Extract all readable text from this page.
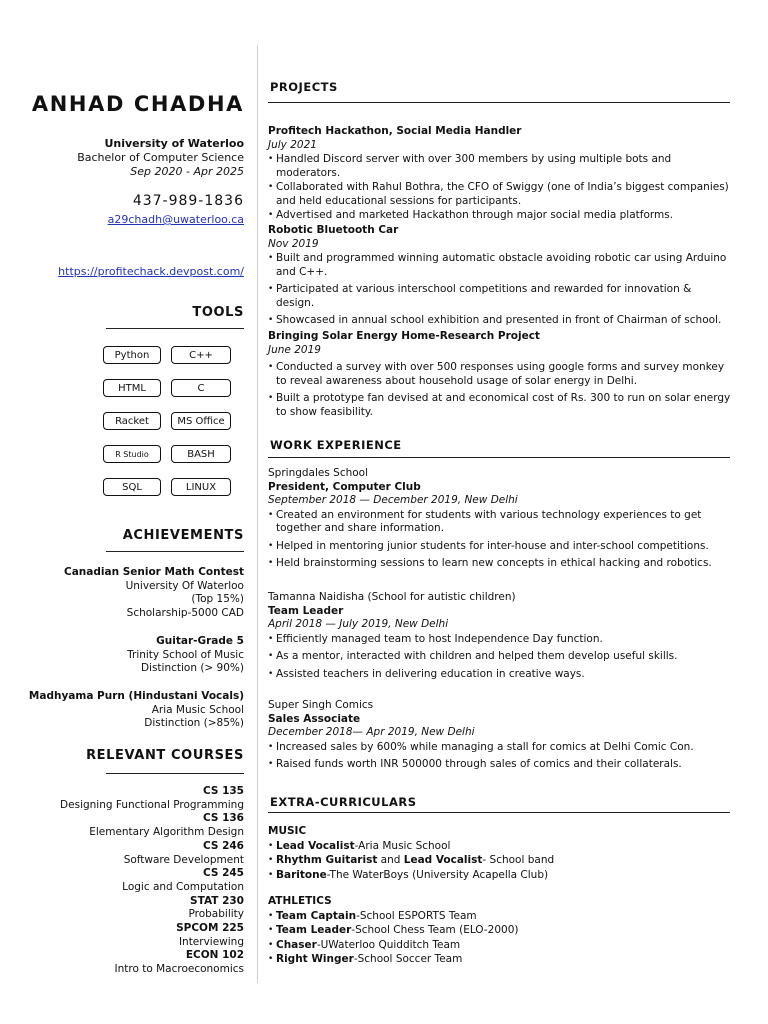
ANHAD CHADHA
University of Waterloo
Bachelor of Computer Science
Sep 2020 - Apr 2025
437-989-1836
a29chadh@uwaterloo.ca
https://profitechack.devpost.com/
TOOLS
Python	C++
HTML	C
Racket	MS Office
R Studio	BASH
SQL	LINUX
ACHIEVEMENTS
Canadian Senior Math Contest
University Of Waterloo
(Top 15%)
Scholarship-5000 CAD
Guitar-Grade 5
Trinity School of Music
Distinction (> 90%)
Madhyama Purn (Hindustani Vocals)
Aria Music School
Distinction (>85%)
RELEVANT COURSES
CS 135
Designing Functional Programming
CS 136
Elementary Algorithm Design
CS 246
Software Development
CS 245
Logic and Computation
STAT 230
Probability
SPCOM 225
Interviewing
ECON 102
Intro to Macroeconomics
PROJECTS
Profitech Hackathon, Social Media Handler
July 2021
• Handled Discord server with over 300 members by using multiple bots and moderators.
• Collaborated with Rahul Bothra, the CFO of Swiggy (one of India’s biggest companies) and held educational sessions for participants.
• Advertised and marketed Hackathon through major social media platforms.
Robotic Bluetooth Car
Nov 2019
• Built and programmed winning automatic obstacle avoiding robotic car using Arduino and C++.
• Participated at various interschool competitions and rewarded for innovation & design.
• Showcased in annual school exhibition and presented in front of Chairman of school.
Bringing Solar Energy Home-Research Project
June 2019
• Conducted a survey with over 500 responses using google forms and survey monkey to reveal awareness about household usage of solar energy in Delhi.
• Built a prototype fan devised at and economical cost of Rs. 300 to run on solar energy to show feasibility.
WORK EXPERIENCE
Springdales School
President, Computer Club
September 2018 — December 2019, New Delhi
• Created an environment for students with various technology experiences to get together and share information.
• Helped in mentoring junior students for inter-house and inter-school competitions.
• Held brainstorming sessions to learn new concepts in ethical hacking and robotics.
Tamanna Naidisha (School for autistic children)
Team Leader
April 2018 — July 2019, New Delhi
• Efficiently managed team to host Independence Day function.
• As a mentor, interacted with children and helped them develop useful skills.
• Assisted teachers in delivering education in creative ways.
Super Singh Comics
Sales Associate
December 2018— Apr 2019, New Delhi
• Increased sales by 600% while managing a stall for comics at Delhi Comic Con.
• Raised funds worth INR 500000 through sales of comics and their collaterals.
EXTRA-CURRICULARS
MUSIC
• Lead Vocalist-Aria Music School
• Rhythm Guitarist and Lead Vocalist- School band
• Baritone-The WaterBoys (University Acapella Club)
ATHLETICS
• Team Captain-School ESPORTS Team
• Team Leader-School Chess Team (ELO-2000)
• Chaser-UWaterloo Quidditch Team
• Right Winger-School Soccer Team
